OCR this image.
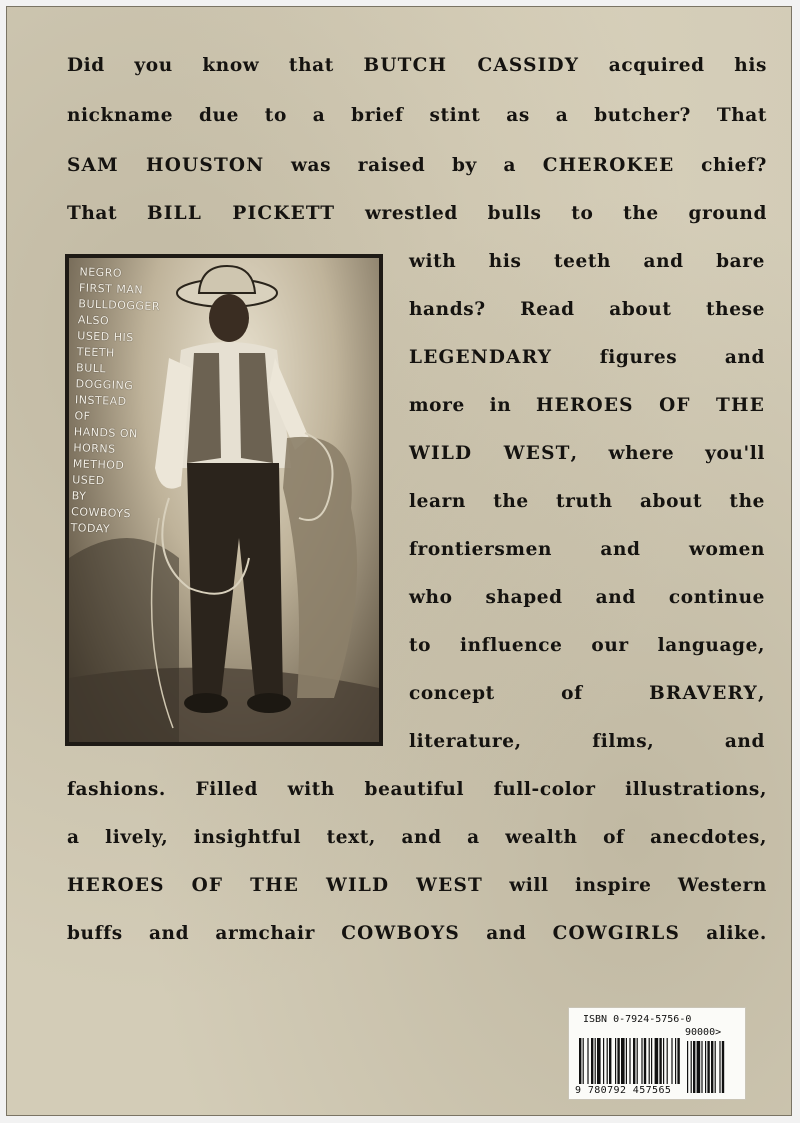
Did you know that BUTCH CASSIDY acquired his
nickname due to a brief stint as a butcher? That
SAM HOUSTON was raised by a CHEROKEE chief?
That BILL PICKETT wrestled bulls to the ground
with his teeth and bare
hands? Read about these
LEGENDARY figures and
more in HEROES OF THE
WILD WEST, where you'll
learn the truth about the
frontiersmen and women
who shaped and continue
to influence our language,
concept of BRAVERY,
literature, films, and
fashions. Filled with beautiful full-color illustrations,
a lively, insightful text, and a wealth of anecdotes,
HEROES OF THE WILD WEST will inspire Western
buffs and armchair COWBOYS and COWGIRLS alike.
NEGRO
FIRST MAN
BULLDOGGER
ALSO
USED HIS
TEETH
BULL
DOGGING
INSTEAD
OF
HANDS ON
HORNS
METHOD
USED
BY
COWBOYS
TODAY
ISBN 0-7924-5756-0
90000>
9 780792 457565
